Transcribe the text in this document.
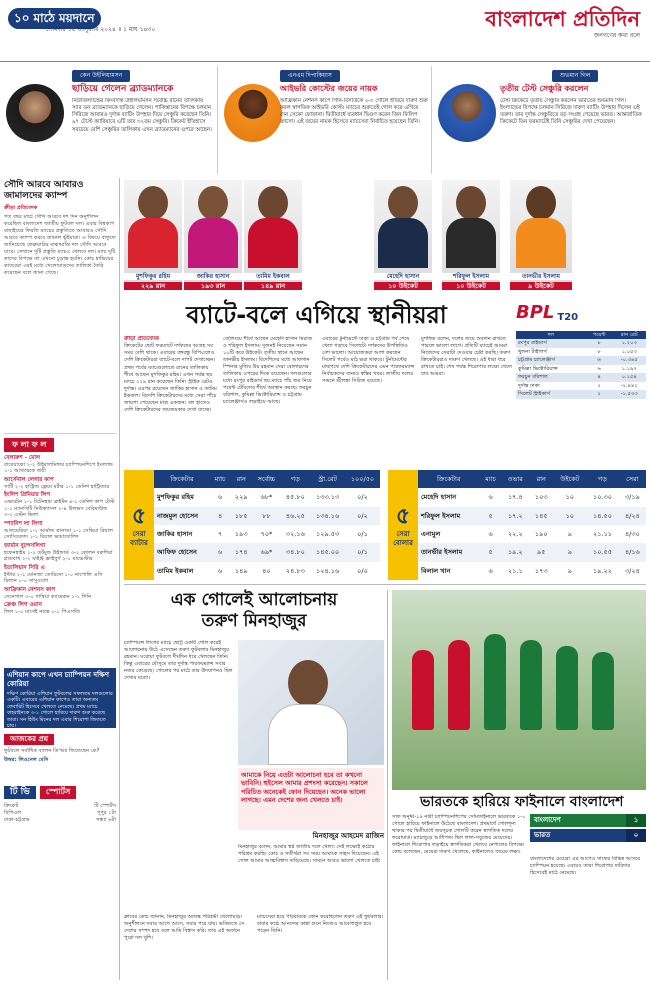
১০ মাঠে ময়দানে
সোমবার ১৫ জানুয়ারি ২০২৪ ॥ ১ মাঘ ১৪৩০	বাংলাদেশ প্রতিদিন
জনগণের কথা বলে
কেন উইলিয়ামসন
ছাড়িয়ে গেলেন ব্র্যাডম্যানকে
নিউজিল্যান্ডের কিংবদন্তি উইলিয়ামসন সর্বোচ্চ রানের তালিকায় স্যার ডন ব্র্যাডম্যানকে ছাড়িয়ে গেলেন। পাকিস্তানের বিপক্ষে চলমান সিরিজে আবারও দুর্দান্ত ব্যাটিং উপহার দিয়ে সেঞ্চুরি করেছেন তিনি। ৯৭ টেস্টে ক্যারিয়ারে এটি তার ৩২তম সেঞ্চুরি। ক্রিকেট ইতিহাসে সবচেয়ে বেশি সেঞ্চুরির তালিকায় এখন ব্র্যাডম্যানের ওপরে আছেন।
এনএম দিপাকিয়াস
আইভরি কোস্টের জয়ের নায়ক
আফ্রিকান নেশনস কাপে গিনি-বিসাউকে ২-০ গোলে হারিয়ে দারুণ শুরু করল স্বাগতিক আইভরি কোস্ট। ম্যাচের শুরুতেই গোল করে এগিয়ে দেন সেকো ফোফানা। দ্বিতীয়ার্ধে ব্যবধান দ্বিগুণ করেন জিন ফিলিপ ক্রাসো। এই জয়ের নায়ক হিসেবে ম্যাচসেরা নির্বাচিত হয়েছেন তিনি।
শুভমান গিল
তৃতীয় টেস্ট সেঞ্চুরি করলেন
টেস্ট ক্রিকেটে তৃতীয় সেঞ্চুরি করলেন ভারতের শুভমান গিল। ইংল্যান্ডের বিপক্ষে চলমান সিরিজে দারুণ ব্যাটিং উপহার দিলেন এই তরুণ। তার দুর্দান্ত সেঞ্চুরিতে বড় সংগ্রহ পেয়েছে ভারত। আন্তর্জাতিক ক্রিকেটে তিন ফরম্যাটেই তিনি সেঞ্চুরির দেখা পেয়েছেন।
সৌদি আরবে আবারও জামালদের ক্যাম্প
ক্রীড়া প্রতিবেদক
গত বছর মার্চে সৌদি আরবে দশ দিন অনুশীলন করেছিল বাংলাদেশ জাতীয় ফুটবল দল। এবার বিশ্বকাপ বাছাইয়ের ফিরতি ম্যাচের প্রস্তুতিতে আবারও সৌদি আরবে ক্যাম্প করবে জামাল ভূঁইয়ারা। এ বিষয়ে বাফুফে জানিয়েছে ফেব্রুয়ারির মাঝামাঝি দল সৌদি আরবে যাবে। সেখানে দুটি প্রস্তুতি ম্যাচও খেলবে দল। ম্যাচ দুটি কাদের বিপক্ষে তা এখনো চূড়ান্ত হয়নি। কোচ হাভিয়ের কাবরেরা এরই মধ্যে খেলোয়াড়দের তালিকা তৈরি করেছেন বলে জানা গেছে।
ফ লা ফ ল
বেলারুশ - মোল
বারেয়াকো ২-২ উইরালমিঙ্গার চ্যাম্পিয়নশিপে ইংল্যান্ড ১-১ আজারকে জয়ী
আর্সেনাল লেগার কাপ
সার্টি ২-২ হার্ট্রিজ ফ্লেমে মর্টার ১-১ ডেনিশ হার্ট্রিজার
ইংলিশ প্রিমিয়ার লিগ
এভারটন ১-১ টটেনহাম ব্রাইটন ৪-১ ডেনিশ কাপ টেস্ট ১-১ ম্যানসিটি নিউক্যাসল ২-৪ উলভস বেবিমাউন্ড ৩-২ এস্টন ভিলা
স্প্যানিশ লা লিগা
আলমেরিয়া ১-১ আর্মান্ড গ্রানাডা ১-১ সেভিয়া রিয়াল সোসিয়েদাদ ১-১ রিয়াল ভায়াদোলিদ
জার্মান বুন্দেসলিগা
হফেনহাইম ১-২ ডর্টমুন্ড উইন্ডার্ড ৩-২ কোলন বরুশিয়া গ্লাডবাখ ২-২ মাইঞ্জ ফ্রাইবুর্গ ২-১ মাঞ্চেস্টার
ইতালিয়ান সিরি এ
ইন্টার ২-১ মোনজা তোরিনো ১-০ নাপোলি এসি মিলান ০-০ সাসুওলো
আফ্রিকান নেশনস কাপ
সেনেগাল ৩-০ গাম্বিয়া ক্যামেরুন ১-১ গিনি
ফ্রেঞ্চ লিগ ওয়ান
লিল ১-০ মার্সেই নান্তে ০-১ পিএসজি
এশিয়ান কাপে এখন চ্যাম্পিয়ন দক্ষিণ কোরিয়া
দক্ষিণ কোরিয়া এশিয়ান ফুটবলের সফলতম দলগুলোর একটি। এবারের এশিয়ান কাপেও তারা অন্যতম ফেবারিট হিসেবে খেলতে নেমেছে। প্রথম ম্যাচে বাহরাইনকে ৩-১ গোলে হারিয়ে দারুণ শুরু করেছে তারা। সন হিউং মিনের দল এবার শিরোপা জিততে চায়।
আজকের প্রশ্ন
ফুটবলে সর্বাধিক ব্যালন ডি'অর জিতেছেন কে?
উত্তর: লিওনেল মেসি
টি ভি	স্পোর্টস
ক্রিকেট	টি স্পোর্টস
বিপিএল	দুপুর ১টা
ঢাকা-চট্টগ্রাম	সন্ধ্যা ৬টা
মুশফিকুর রহিম
২২৯ রান
জাকির হাসান
১৯৩ রান
তামিম ইকবাল
১৪৯ রান
মেহেদি হাসান
১০ উইকেট
শরিফুল ইসলাম
১০ উইকেট
তানভীর ইসলাম
৯ উইকেট
ব্যাটে-বলে এগিয়ে স্থানীয়রা	BPL T20
দল	পয়েন্ট	রান রেট
রংপুর রাইডার্স	৮	১.২০৩
খুলনা টাইগার্স	৮	১.০৫৩
চট্টগ্রাম চ্যালেঞ্জার্স	৬	-০.৩৪৫
কুমিল্লা ভিক্টোরিয়ান্স	৬	১.১৯৭
ফরচুন বরিশাল	৪	০.২৫৪
দুর্দান্ত ঢাকা	২	-২.৪৪২
সিলেট স্ট্রাইকার্স	২	-১.৫৩৩
ক্রীড়া প্রতিবেদক
ক্রিকেটের ছোট ফরম্যাটে দর্শকদের আগ্রহ সব সময় বেশি থাকে। এবারের বঙ্গবন্ধু বিপিএলেও দেশি ক্রিকেটাররা ব্যাটে-বলে দাপট দেখাচ্ছেন। প্রথম পর্বের ম্যাচগুলোতে রানের তালিকায় শীর্ষে আছেন মুশফিকুর রহিম। এখন পর্যন্ত ছয় ম্যাচে ২২৯ রান করেছেন তিনি। স্ট্রাইক রেটও দুর্দান্ত। এরপর রয়েছেন জাকির হাসান ও তামিম ইকবাল। বিদেশি ক্রিকেটারদের মধ্যে সেরা পাঁচে জায়গা পেয়েছেন মাত্র একজন। বল হাতেও দেশি ক্রিকেটারদের জয়জয়কার দেখা যাচ্ছে।
বোলিংয়ে শীর্ষে আছেন মেহেদি হাসান মিরাজ ও শরিফুল ইসলাম। দুজনই নিয়েছেন সমান ১০টি করে উইকেট। তৃতীয় স্থানে আছেন তানভীর ইসলাম। বিদেশিদের মধ্যে আফগান স্পিনার মুজিব উর রহমান সেরা বোলারদের তালিকায় ওপরের দিকে রয়েছেন। দলগুলোর মধ্যে রংপুর রাইডার্স ছয় ম্যাচে পাঁচ জয় নিয়ে পয়েন্ট টেবিলের শীর্ষে অবস্থান করছে। ফরচুন বরিশাল, কুমিল্লা ভিক্টোরিয়ান্স ও চট্টগ্রাম চ্যালেঞ্জার্সও লড়াইয়ে আছে।
এবারের টুর্নামেন্টে ঢাকা ও চট্টগ্রাম পর্ব শেষে খেলা গড়াবে সিলেটে। দর্শকদের উপস্থিতিও বেশ ভালো। আয়োজকরা আশা করছেন সিলেট পর্বেও মাঠ ভরা থাকবে। টুর্নামেন্টের মাঝপথে দেশি ক্রিকেটারদের এমন পারফরম্যান্স নির্বাচকদের জন্যও স্বস্তির খবর। জাতীয় দলের সামনে শ্রীলঙ্কা সিরিজ রয়েছে।
মুশফিক বলেন, দলের জয়ে অবদান রাখতে পারলে ভালো লাগে। প্রতিটি ম্যাচেই আমরা নিজেদের সেরাটা দেওয়ার চেষ্টা করছি। তরুণ ক্রিকেটাররাও দারুণ খেলছে। এই ধারা ধরে রাখতে চাই। শেষ পর্যন্ত শিরোপার লক্ষ্যে খেলে যাব আমরা।
৫
সেরা ব্যাটার
ক্রিকেটার	ম্যাচ	রান	সর্বোচ্চ	গড়	স্ট্রা.রেট	১০০/৫০
মুশফিকুর রহিম	৬	২২৯	৬৮*	৪৫.৮০	১৩৩.১৩	০/২
নাজমুল হোসেন	৪	১৮৫	৮৮	৪৬.২৫	১৩৪.১৬	০/২
জাকির হাসান	৭	১৯৩	৭০*	৩২.১৬	১২৯.৫৩	০/১
আফিফ হোসেন	৬	১৭৪	৬৯*	৩৪.৮০	১৪৫.০০	০/১
তামিম ইকবাল	৬	১৪৯	৪০	২৪.৮৩	১২৪.১৬	০/০
৫
সেরা বোলার
ক্রিকেটার	ম্যাচ	ওভার	রান	উইকেট	গড়	সেরা
মেহেদি হাসান	৬	১৭.৪	১০৩	১০	১০.৩০	৩/১৯
শরিফুল ইসলাম	৫	১৭.২	১৪৫	১০	১৪.৫০	৪/২৪
এনামুল	৬	২২.২	১৯০	৯	২১.১১	৪/৩০
তানভীর ইসলাম	৫	১৯.২	৯৫	৯	১০.৫৫	৪/১৬
বিলাল খান	৬	২১.১	১৭৩	৯	১৯.২২	৩/২৪
এক গোলেই আলোচনায়
তরুণ মিনহাজুর
চ্যাম্পিয়ন্স লিগের ম্যাচে ছোট্ট একটি গোল করেই আলোচনায় উঠে এসেছেন তরুণ ফুটবলার মিনহাজুর রহমান। ঘরোয়া ফুটবলে দীর্ঘদিন ধরে খেলছেন তিনি। কিন্তু এবারের মৌসুমে তার দুর্দান্ত পারফরম্যান্স সবার নজর কেড়েছে। গোলের পর মাঠে তার উদযাপনও ছিল দেখার মতো।
আমাকে নিয়ে এতটা আলোচনা হবে তা কখনো ভাবিনি। হুইসেল আমার প্রশংসা করেছেন। সকালে পরিচিত অনেকেই ফোন দিয়েছেন। অনেক ভালো লাগছে। এমন দেশের জন্য খেলতে চাই।
মিনহাজুর আহমেদ রাজিন
মিনহাজুর বলেন, আমার স্বপ্ন জাতীয় দলে খেলা। সেই লক্ষ্যেই কঠোর পরিশ্রম করছি। কোচ ও সতীর্থরা সব সময় আমাকে সাহস দিয়েছেন। এই গোল আমার আত্মবিশ্বাস বাড়িয়েছে। সামনে আরও ভালো খেলতে চাই।
ক্লাবের কোচ জানান, মিনহাজুর অত্যন্ত পরিশ্রমী খেলোয়াড়। অনুশীলনে সবার আগে আসে, সবার পরে যায়। ভবিষ্যতে সে দেশের সম্পদ হবে বলে আমি বিশ্বাস করি। তার এই অর্জনে পুরো দল খুশি।
ম্যাচসেরা হয়ে পরিবারকে ফোন করেছিলেন তরুণ এই ফুটবলার। বাবার কণ্ঠে আনন্দের কান্না শুনে নিজেও আবেগাপ্লুত হয়ে পড়েন তিনি।
ভারতকে হারিয়ে ফাইনালে বাংলাদেশ
সাফ অনূর্ধ্ব-১৯ নারী চ্যাম্পিয়নশিপের সেমিফাইনালে ভারতকে ১-০ গোলে হারিয়ে ফাইনালে উঠেছে বাংলাদেশ। প্রথমার্ধে গোলশূন্য থাকার পর দ্বিতীয়ার্ধে জয়সূচক গোলটি করেন স্বাগতিক দলের ফরোয়ার্ড। ম্যাচজুড়ে আধিপত্য ছিল লাল-সবুজের মেয়েদের। ফাইনালে শিরোপার লড়াইয়ে স্বাগতিকরা খেলবে নেপালের বিপক্ষে। কোচ বলেছেন, মেয়েরা দারুণ খেলেছে, ফাইনালেও জয়ের লক্ষ্য।
বাংলাদেশ	১
ভারত	০
বাংলাদেশের মেয়েরা এর আগেও সাফের বিভিন্ন আসরে চ্যাম্পিয়ন হয়েছে। এবারও তারা শিরোপার দাবিদার হিসেবেই মাঠে নেমেছে।
